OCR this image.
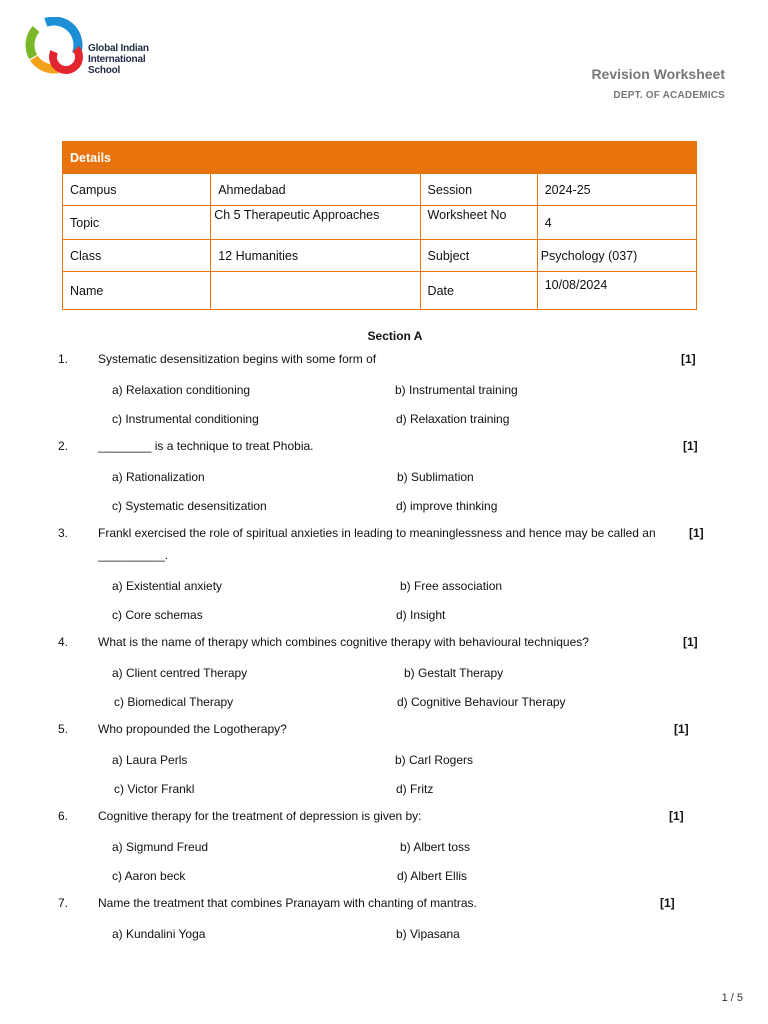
Global Indian
International
School	Revision Worksheet
DEPT. OF ACADEMICS
Details			
Campus	Ahmedabad	Session	2024-25
Topic	Ch 5 Therapeutic Approaches	Worksheet No	4
Class	12 Humanities	Subject	Psychology (037)
Name		Date	10/08/2024
Section A
1. Systematic desensitization begins with some form of	[1]
a) Relaxation conditioning	b) Instrumental training
c) Instrumental conditioning	d) Relaxation training
2. ________ is a technique to treat Phobia.	[1]
a) Rationalization	b) Sublimation
c) Systematic desensitization	d) improve thinking
3. Frankl exercised the role of spiritual anxieties in leading to meaninglessness and hence may be called an
__________.
[1]
a) Existential anxiety	b) Free association
c) Core schemas	d) Insight
4. What is the name of therapy which combines cognitive therapy with behavioural techniques?	[1]
a) Client centred Therapy	b) Gestalt Therapy
c) Biomedical Therapy	d) Cognitive Behaviour Therapy
5. Who propounded the Logotherapy?	[1]
a) Laura Perls	b) Carl Rogers
c) Victor Frankl	d) Fritz
6. Cognitive therapy for the treatment of depression is given by:	[1]
a) Sigmund Freud	b) Albert toss
c) Aaron beck	d) Albert Ellis
7. Name the treatment that combines Pranayam with chanting of mantras.	[1]
a) Kundalini Yoga	b) Vipasana
1 / 5
